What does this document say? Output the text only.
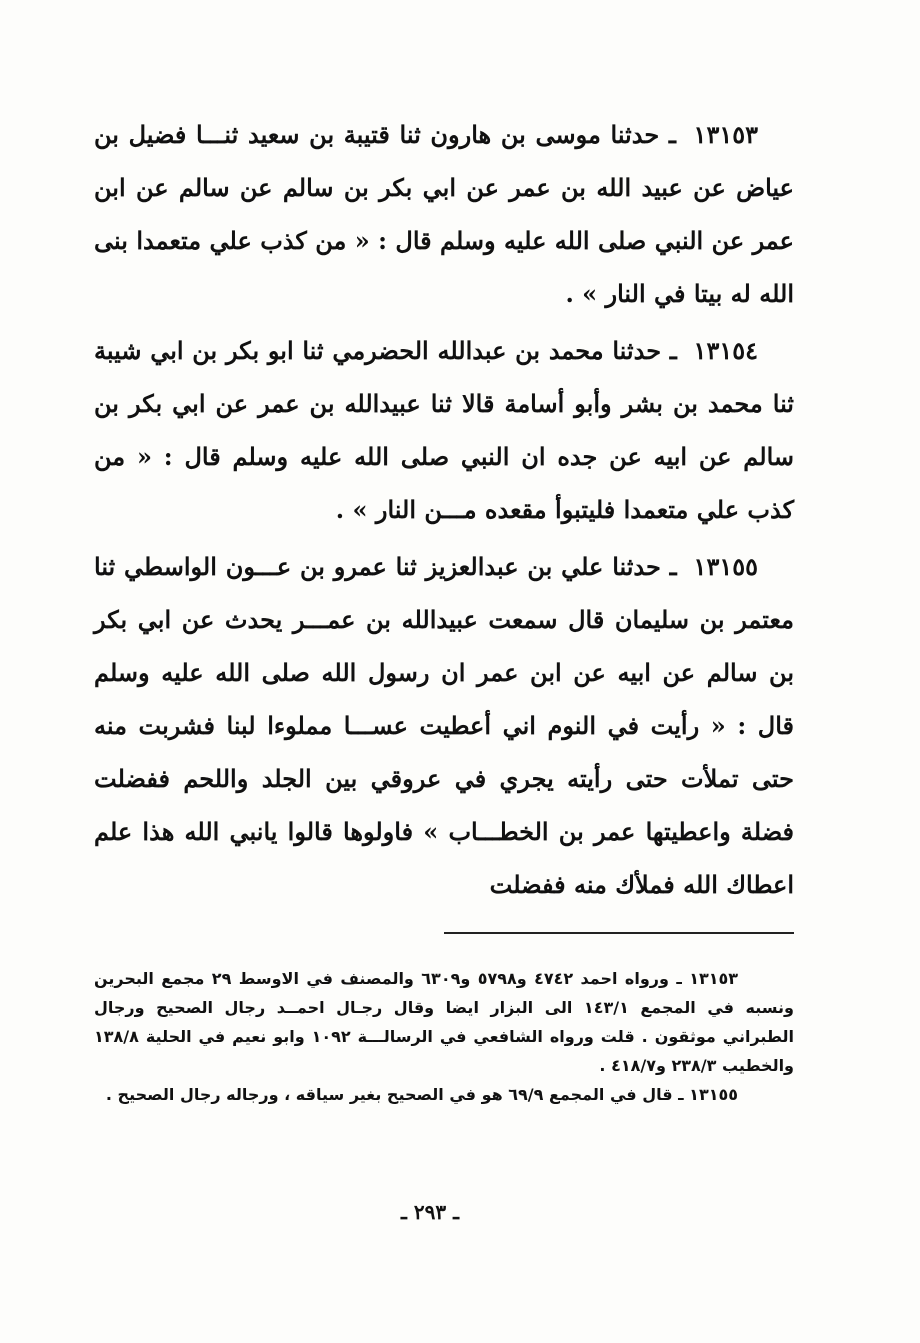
١٣١٥٣ ـ حدثنا موسى بن هارون ثنا قتيبة بن سعيد ثنـــا فضيل بن عياض عن عبيد الله بن عمر عن ابي بكر بن سالم عن سالم عن ابن عمر عن النبي صلى الله عليه وسلم قال : « من كذب علي متعمدا بنى الله له بيتا في النار » .

١٣١٥٤ ـ حدثنا محمد بن عبدالله الحضرمي ثنا ابو بكر بن ابي شيبة ثنا محمد بن بشر وأبو أسامة قالا ثنا عبيدالله بن عمر عن ابي بكر بن سالم عن ابيه عن جده ان النبي صلى الله عليه وسلم قال : « من كذب علي متعمدا فليتبوأ مقعده مـــن النار » .

١٣١٥٥ ـ حدثنا علي بن عبدالعزيز ثنا عمرو بن عـــون الواسطي ثنا معتمر بن سليمان قال سمعت عبيدالله بن عمـــر يحدث عن ابي بكر بن سالم عن ابيه عن ابن عمر ان رسول الله صلى الله عليه وسلم قال : « رأيت في النوم اني أعطيت عســـا مملوءا لبنا فشربت منه حتى تملأت حتى رأيته يجري في عروقي بين الجلد واللحم ففضلت فضلة واعطيتها عمر بن الخطـــاب » فاولوها قالوا يانبي الله هذا علم اعطاك الله فملأك منه ففضلت

١٣١٥٣ ـ ورواه احمد ٤٧٤٢ و٥٧٩٨ و٦٣٠٩ والمصنف في الاوسط ٢٩ مجمع البحرين ونسبه في المجمع ١٤٣/١ الى البزار ايضا وقال رجـال احمــد رجال الصحيح ورجال الطبراني موثقون . قلت ورواه الشافعي في الرسالـــة ١٠٩٢ وابو نعيم في الحلية ١٣٨/٨ والخطيب ٢٣٨/٣ و٤١٨/٧ .

١٣١٥٥ ـ قال في المجمع ٦٩/٩ هو في الصحيح بغير سياقه ، ورجاله رجال الصحيح .

ـ ٢٩٣ ـ
